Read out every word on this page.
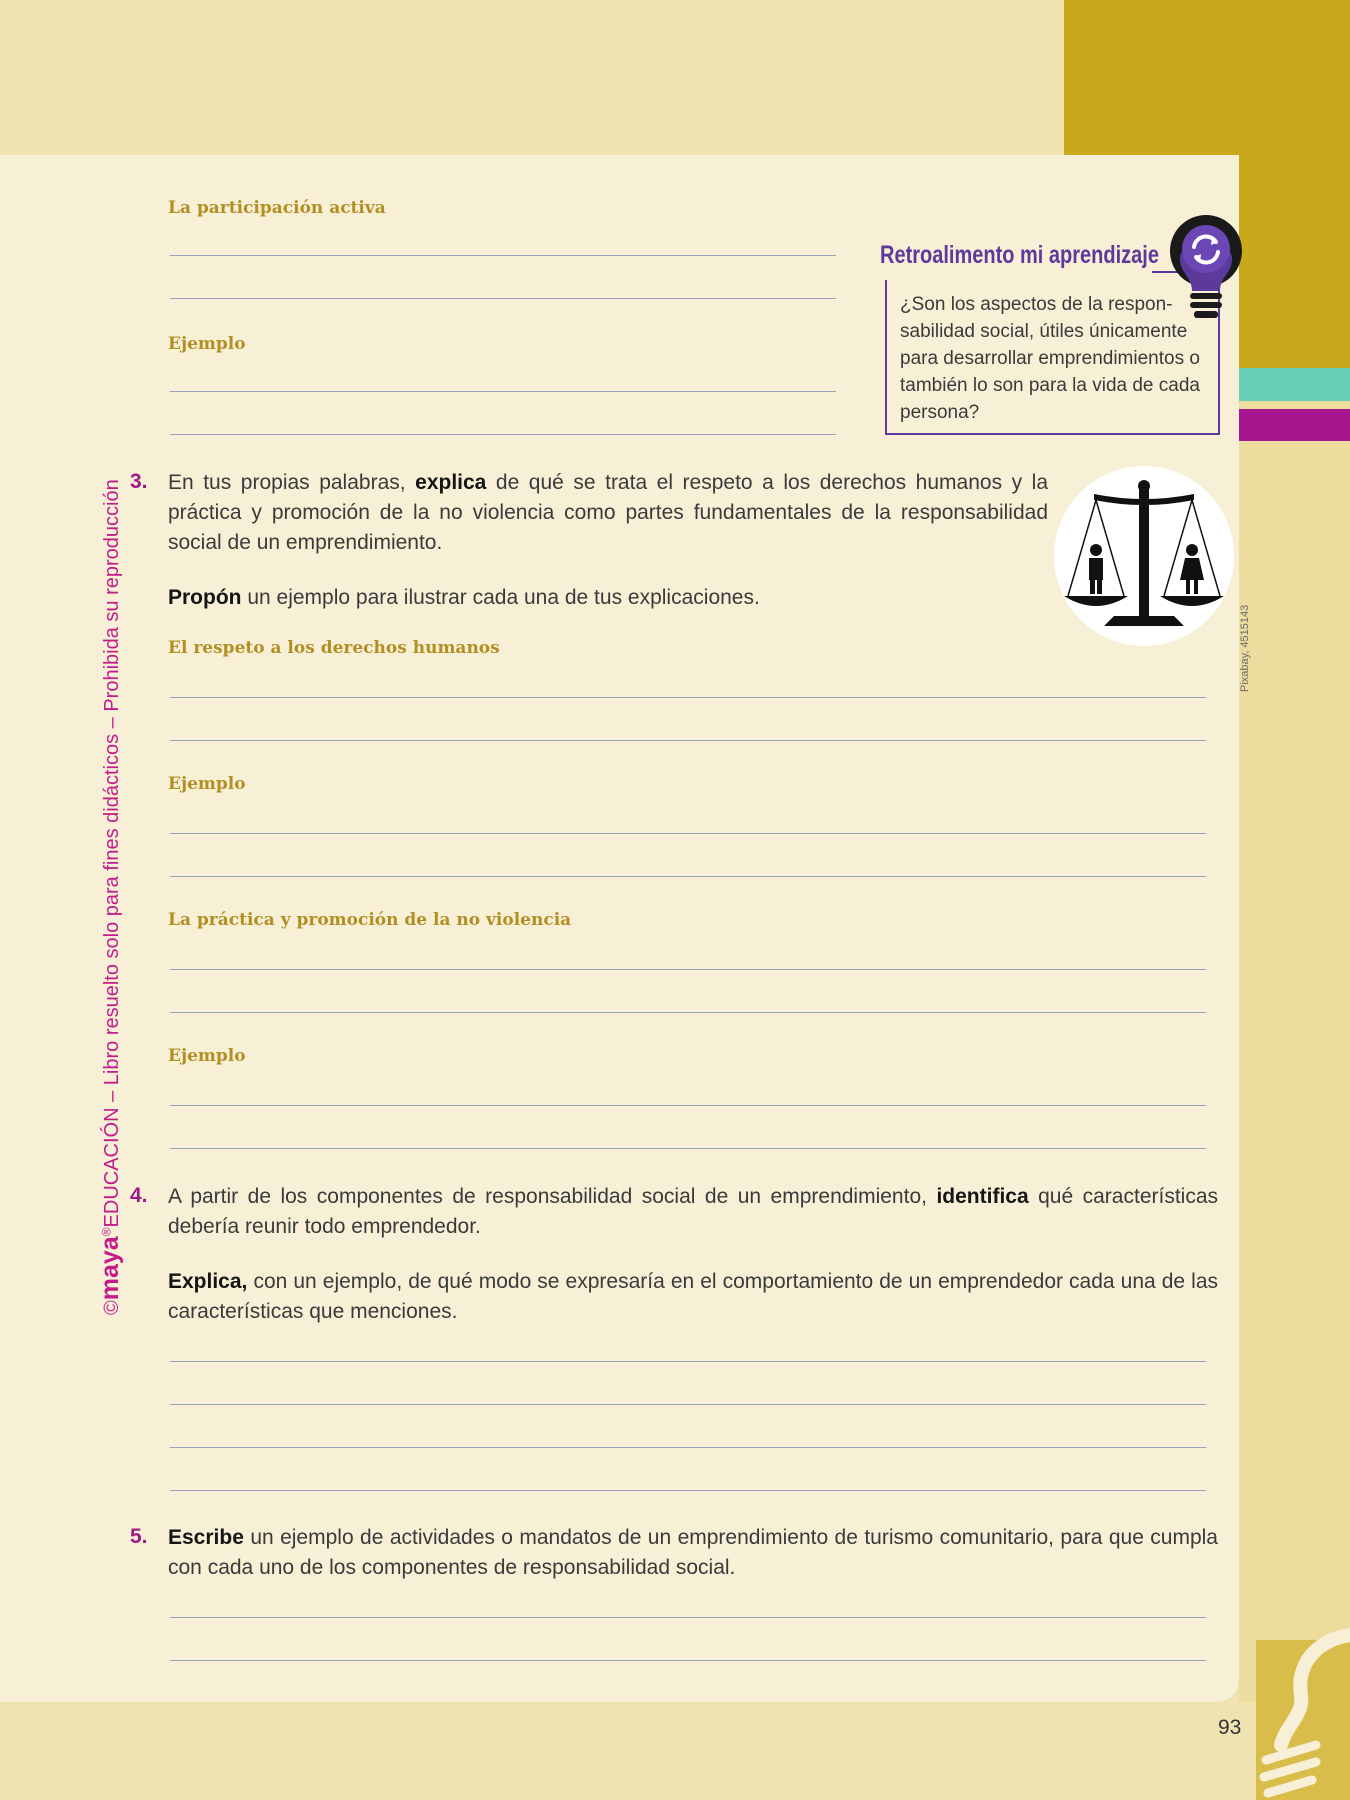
©maya®EDUCACIÓN – Libro resuelto solo para fines didácticos – Prohibida su reproducción
La participación activa
Ejemplo
Retroalimento mi aprendizaje
¿Son los aspectos de la respon-sabilidad social, útiles únicamente para desarrollar emprendimientos o también lo son para la vida de cada persona?
3. En tus propias palabras, explica de qué se trata el respeto a los derechos humanos y la práctica y promoción de la no violencia como partes fundamentales de la responsabilidad social de un emprendimiento.
Propón un ejemplo para ilustrar cada una de tus explicaciones.
Pixabay, 4515143
El respeto a los derechos humanos
Ejemplo
La práctica y promoción de la no violencia
Ejemplo
4. A partir de los componentes de responsabilidad social de un emprendimiento, identifica qué características debería reunir todo emprendedor.
Explica, con un ejemplo, de qué modo se expresaría en el comportamiento de un emprendedor cada una de las características que menciones.
5. Escribe un ejemplo de actividades o mandatos de un emprendimiento de turismo comunitario, para que cumpla con cada uno de los componentes de responsabilidad social.
93
